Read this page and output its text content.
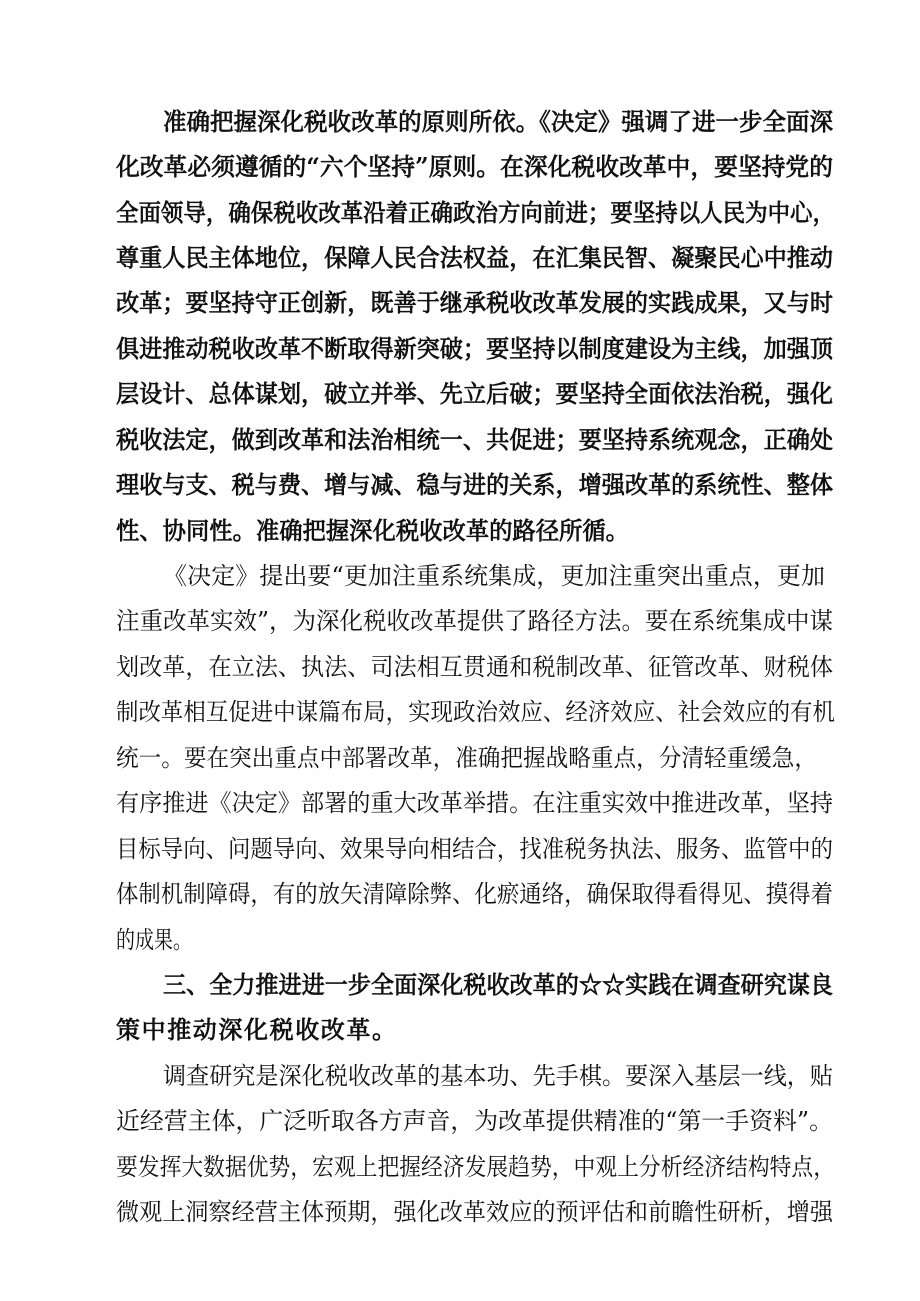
准确把握深化税收改革的原则所依。《决定》强调了进一步全面深
化改革必须遵循的“六个坚持”原则。在深化税收改革中，要坚持党的
全面领导，确保税收改革沿着正确政治方向前进；要坚持以人民为中心，
尊重人民主体地位，保障人民合法权益，在汇集民智、凝聚民心中推动
改革；要坚持守正创新，既善于继承税收改革发展的实践成果，又与时
俱进推动税收改革不断取得新突破；要坚持以制度建设为主线，加强顶
层设计、总体谋划，破立并举、先立后破；要坚持全面依法治税，强化
税收法定，做到改革和法治相统一、共促进；要坚持系统观念，正确处
理收与支、税与费、增与减、稳与进的关系，增强改革的系统性、整体
性、协同性。准确把握深化税收改革的路径所循。
《决定》提出要“更加注重系统集成，更加注重突出重点，更加
注重改革实效”，为深化税收改革提供了路径方法。要在系统集成中谋
划改革，在立法、执法、司法相互贯通和税制改革、征管改革、财税体
制改革相互促进中谋篇布局，实现政治效应、经济效应、社会效应的有机
统一。要在突出重点中部署改革，准确把握战略重点，分清轻重缓急，
有序推进《决定》部署的重大改革举措。在注重实效中推进改革，坚持
目标导向、问题导向、效果导向相结合，找准税务执法、服务、监管中的
体制机制障碍，有的放矢清障除弊、化瘀通络，确保取得看得见、摸得着
的成果。
三、全力推进进一步全面深化税收改革的☆☆实践在调查研究谋良
策中推动深化税收改革。
调查研究是深化税收改革的基本功、先手棋。要深入基层一线，贴
近经营主体，广泛听取各方声音，为改革提供精准的“第一手资料”。
要发挥大数据优势，宏观上把握经济发展趋势，中观上分析经济结构特点，
微观上洞察经营主体预期，强化改革效应的预评估和前瞻性研析，增强
